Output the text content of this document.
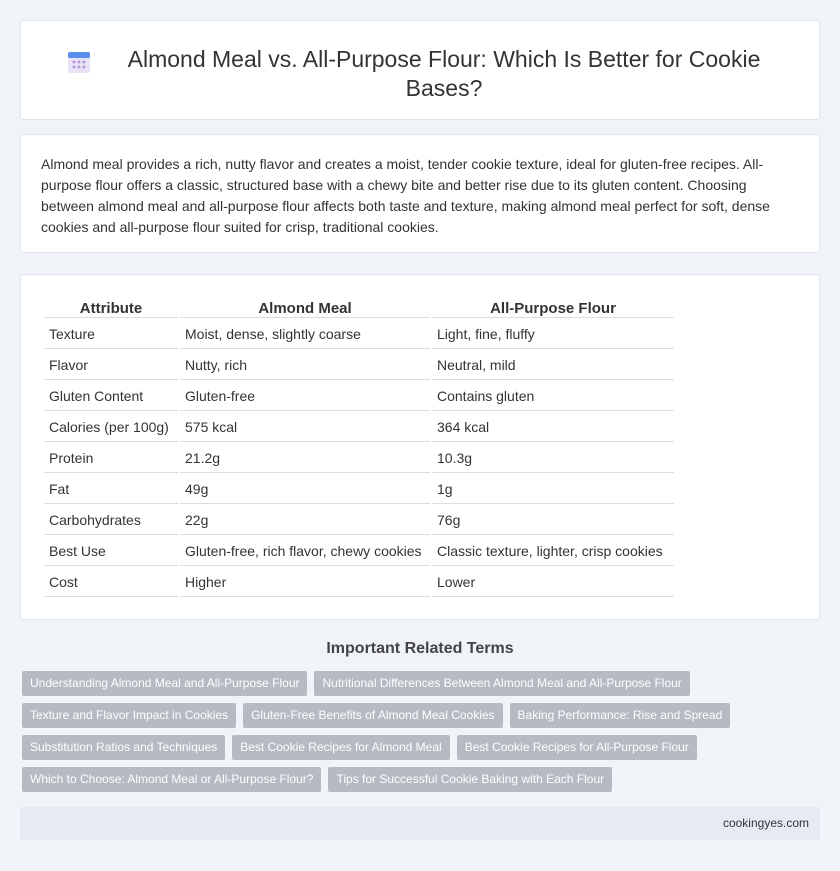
Almond Meal vs. All-Purpose Flour: Which Is Better for Cookie Bases?

Almond meal provides a rich, nutty flavor and creates a moist, tender cookie texture, ideal for gluten-free recipes. All-purpose flour offers a classic, structured base with a chewy bite and better rise due to its gluten content. Choosing between almond meal and all-purpose flour affects both taste and texture, making almond meal perfect for soft, dense cookies and all-purpose flour suited for crisp, traditional cookies.

Attribute	Almond Meal	All-Purpose Flour
Texture	Moist, dense, slightly coarse	Light, fine, fluffy
Flavor	Nutty, rich	Neutral, mild
Gluten Content	Gluten-free	Contains gluten
Calories (per 100g)	575 kcal	364 kcal
Protein	21.2g	10.3g
Fat	49g	1g
Carbohydrates	22g	76g
Best Use	Gluten-free, rich flavor, chewy cookies	Classic texture, lighter, crisp cookies
Cost	Higher	Lower
Important Related Terms
Understanding Almond Meal and All-Purpose Flour	Nutritional Differences Between Almond Meal and All-Purpose Flour
Texture and Flavor Impact in Cookies	Gluten-Free Benefits of Almond Meal Cookies	Baking Performance: Rise and Spread
Substitution Ratios and Techniques	Best Cookie Recipes for Almond Meal	Best Cookie Recipes for All-Purpose Flour
Which to Choose: Almond Meal or All-Purpose Flour?	Tips for Successful Cookie Baking with Each Flour
cookingyes.com
